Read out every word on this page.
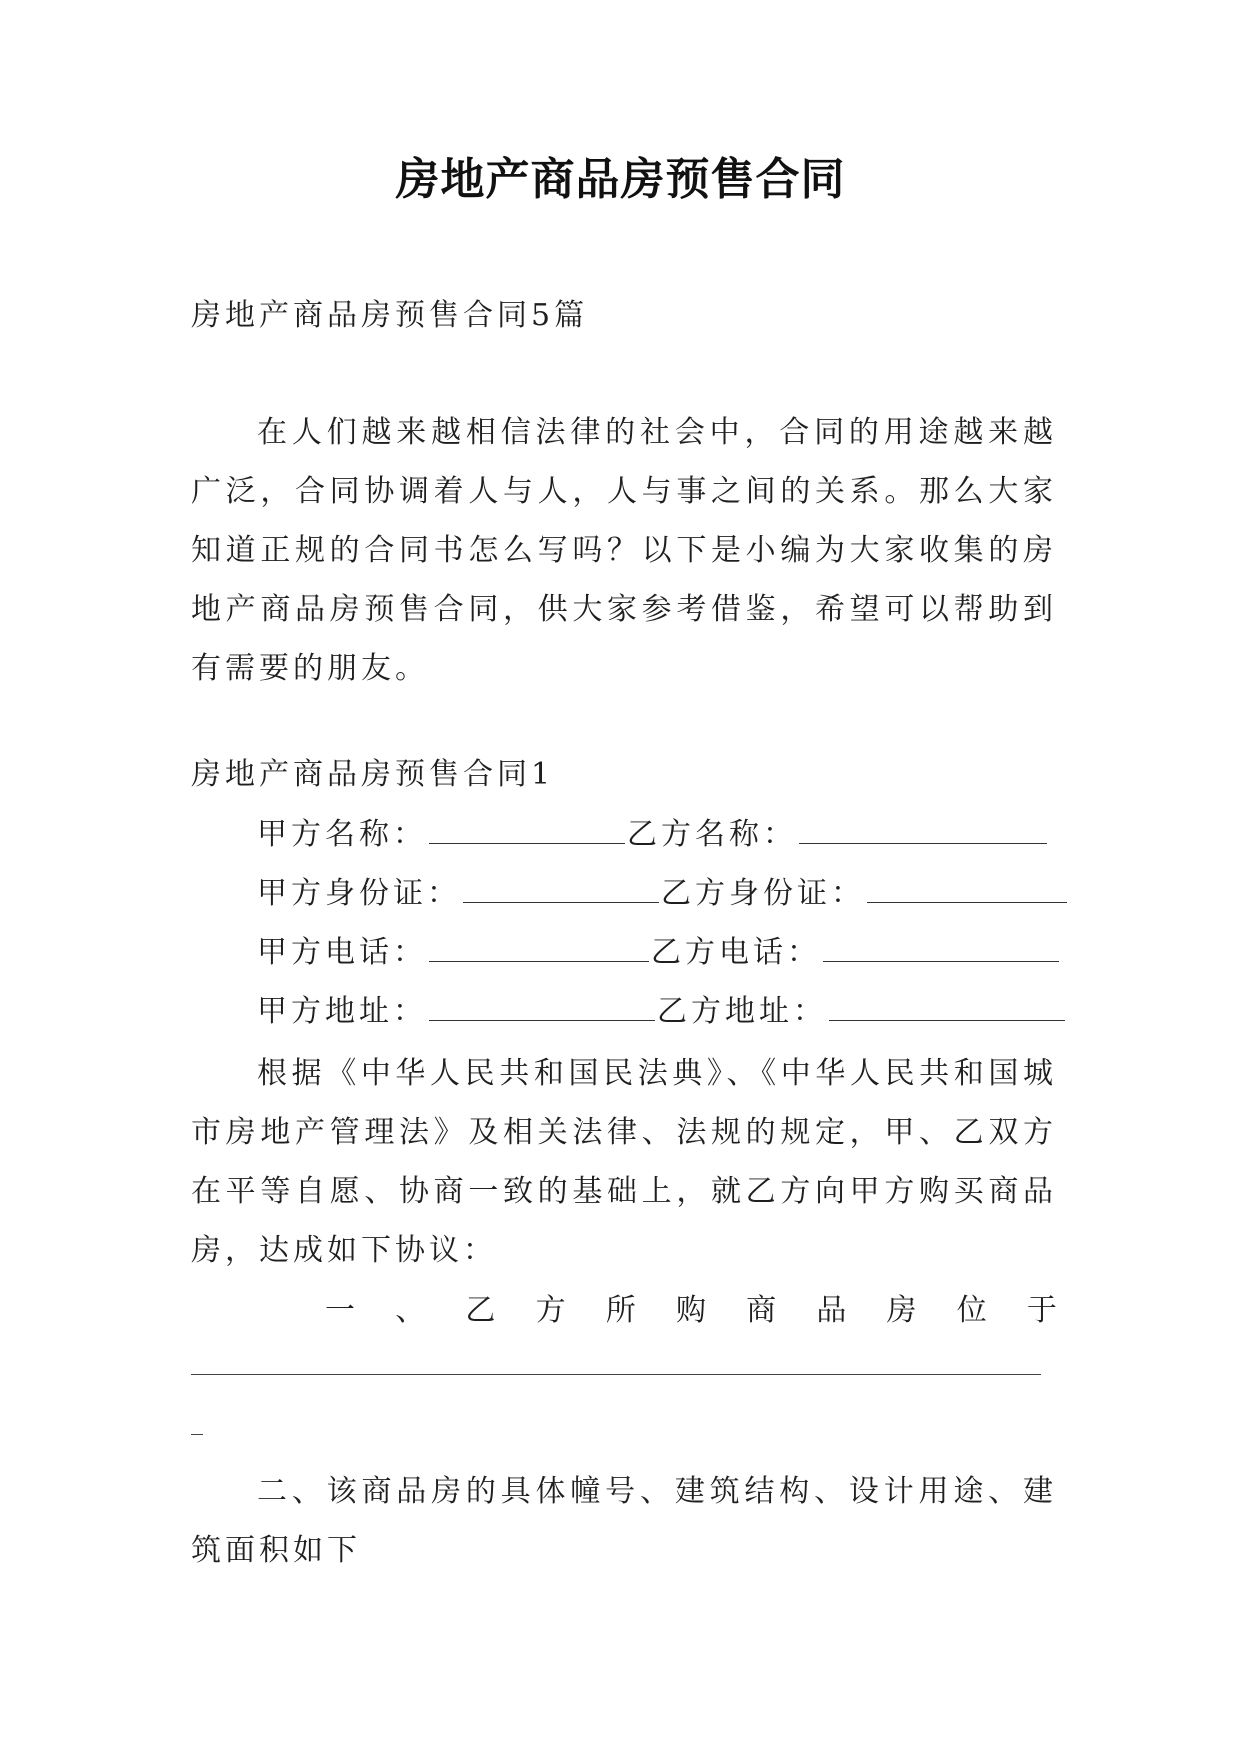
房地产商品房预售合同
房地产商品房预售合同5篇
在人们越来越相信法律的社会中，合同的用途越来越广泛，合同协调着人与人，人与事之间的关系。那么大家知道正规的合同书怎么写吗？以下是小编为大家收集的房地产商品房预售合同，供大家参考借鉴，希望可以帮助到有需要的朋友。
房地产商品房预售合同1
甲方名称：	乙方名称：
甲方身份证：	乙方身份证：
甲方电话：	乙方电话：
甲方地址：	乙方地址：
根据《中华人民共和国民法典》、《中华人民共和国城市房地产管理法》及相关法律、法规的规定，甲、乙双方在平等自愿、协商一致的基础上，就乙方向甲方购买商品房，达成如下协议：
一 、 乙 方 所 购 商 品 房 位 于
二、该商品房的具体幢号、建筑结构、设计用途、建筑面积如下
